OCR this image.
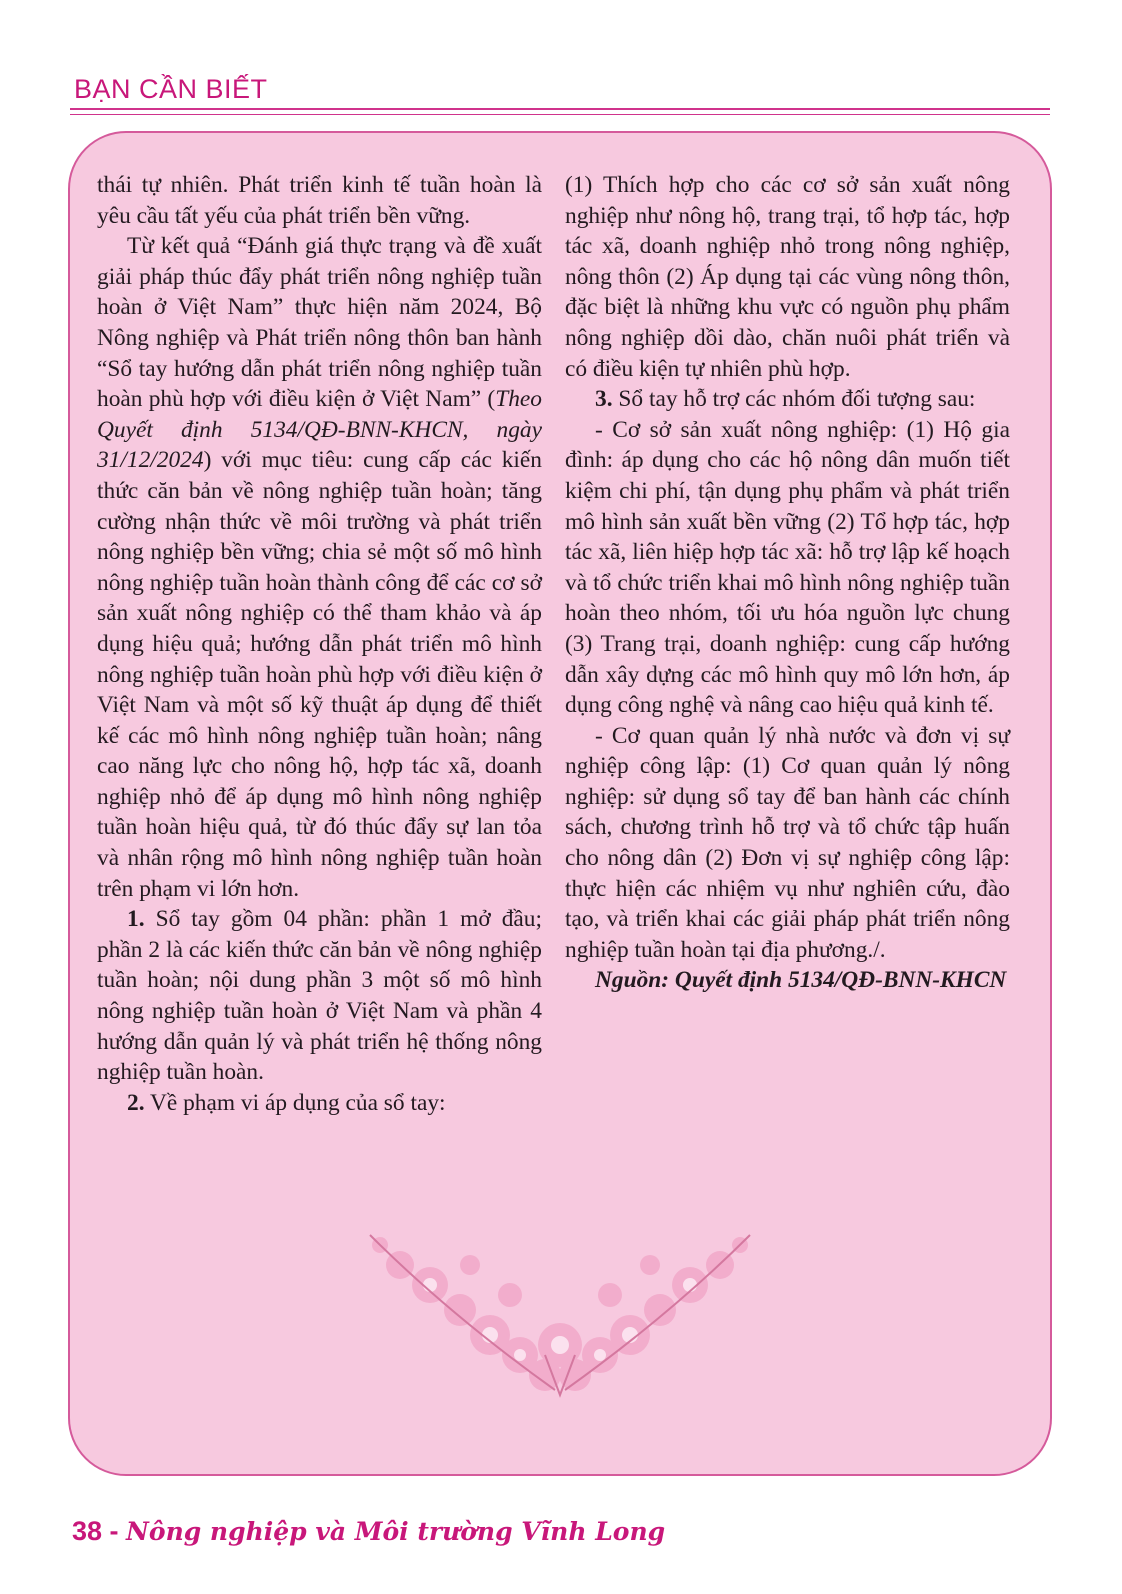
BẠN CẦN BIẾT

thái tự nhiên. Phát triển kinh tế tuần hoàn là yêu cầu tất yếu của phát triển bền vững.

Từ kết quả “Đánh giá thực trạng và đề xuất giải pháp thúc đẩy phát triển nông nghiệp tuần hoàn ở Việt Nam” thực hiện năm 2024, Bộ Nông nghiệp và Phát triển nông thôn ban hành “Sổ tay hướng dẫn phát triển nông nghiệp tuần hoàn phù hợp với điều kiện ở Việt Nam” (Theo Quyết định 5134/QĐ-BNN-KHCN, ngày 31/12/2024) với mục tiêu: cung cấp các kiến thức căn bản về nông nghiệp tuần hoàn; tăng cường nhận thức về môi trường và phát triển nông nghiệp bền vững; chia sẻ một số mô hình nông nghiệp tuần hoàn thành công để các cơ sở sản xuất nông nghiệp có thể tham khảo và áp dụng hiệu quả; hướng dẫn phát triển mô hình nông nghiệp tuần hoàn phù hợp với điều kiện ở Việt Nam và một số kỹ thuật áp dụng để thiết kế các mô hình nông nghiệp tuần hoàn; nâng cao năng lực cho nông hộ, hợp tác xã, doanh nghiệp nhỏ để áp dụng mô hình nông nghiệp tuần hoàn hiệu quả, từ đó thúc đẩy sự lan tỏa và nhân rộng mô hình nông nghiệp tuần hoàn trên phạm vi lớn hơn.

1. Sổ tay gồm 04 phần: phần 1 mở đầu; phần 2 là các kiến thức căn bản về nông nghiệp tuần hoàn; nội dung phần 3 một số mô hình nông nghiệp tuần hoàn ở Việt Nam và phần 4 hướng dẫn quản lý và phát triển hệ thống nông nghiệp tuần hoàn.

2. Về phạm vi áp dụng của sổ tay:

(1) Thích hợp cho các cơ sở sản xuất nông nghiệp như nông hộ, trang trại, tổ hợp tác, hợp tác xã, doanh nghiệp nhỏ trong nông nghiệp, nông thôn (2) Áp dụng tại các vùng nông thôn, đặc biệt là những khu vực có nguồn phụ phẩm nông nghiệp dồi dào, chăn nuôi phát triển và có điều kiện tự nhiên phù hợp.

3. Sổ tay hỗ trợ các nhóm đối tượng sau:

- Cơ sở sản xuất nông nghiệp: (1) Hộ gia đình: áp dụng cho các hộ nông dân muốn tiết kiệm chi phí, tận dụng phụ phẩm và phát triển mô hình sản xuất bền vững (2) Tổ hợp tác, hợp tác xã, liên hiệp hợp tác xã: hỗ trợ lập kế hoạch và tổ chức triển khai mô hình nông nghiệp tuần hoàn theo nhóm, tối ưu hóa nguồn lực chung (3) Trang trại, doanh nghiệp: cung cấp hướng dẫn xây dựng các mô hình quy mô lớn hơn, áp dụng công nghệ và nâng cao hiệu quả kinh tế.

- Cơ quan quản lý nhà nước và đơn vị sự nghiệp công lập: (1) Cơ quan quản lý nông nghiệp: sử dụng sổ tay để ban hành các chính sách, chương trình hỗ trợ và tổ chức tập huấn cho nông dân (2) Đơn vị sự nghiệp công lập: thực hiện các nhiệm vụ như nghiên cứu, đào tạo, và triển khai các giải pháp phát triển nông nghiệp tuần hoàn tại địa phương./.

Nguồn: Quyết định 5134/QĐ-BNN-KHCN

38 - Nông nghiệp và Môi trường Vĩnh Long
